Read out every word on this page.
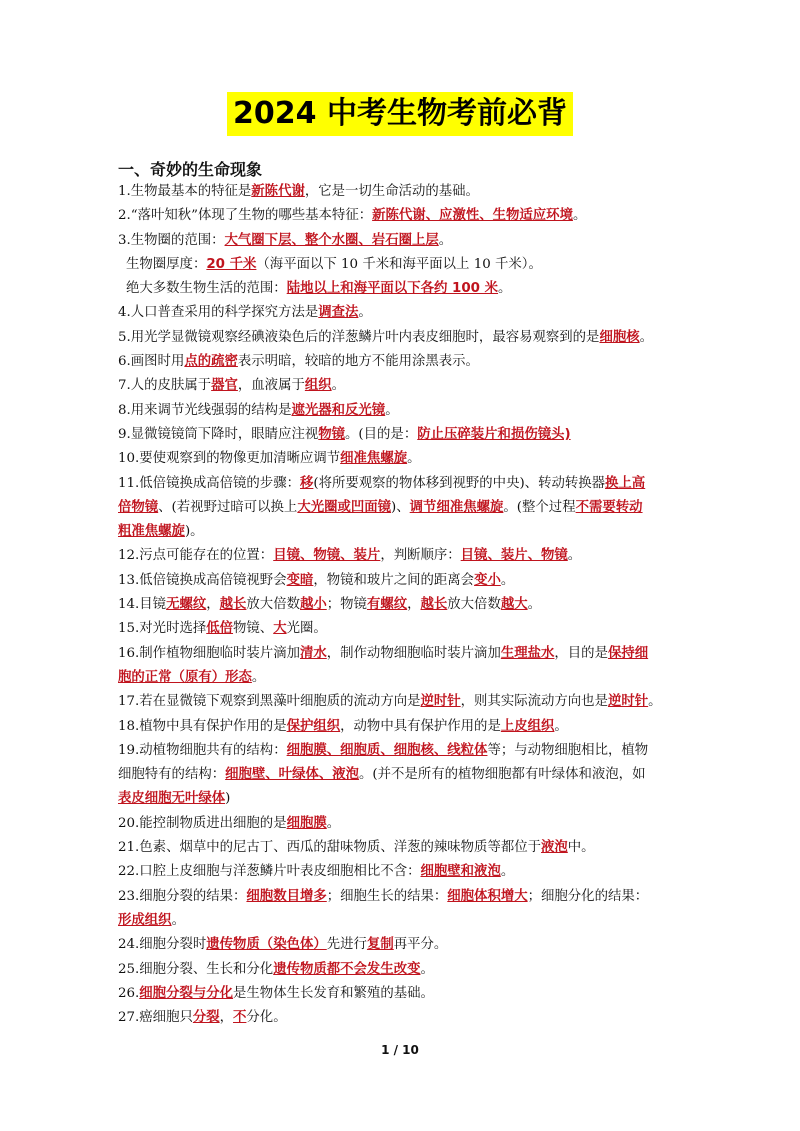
2024 中考生物考前必背
一、奇妙的生命现象
1.生物最基本的特征是新陈代谢，它是一切生命活动的基础。
2.“落叶知秋”体现了生物的哪些基本特征：新陈代谢、应激性、生物适应环境。
3.生物圈的范围：大气圈下层、整个水圈、岩石圈上层。
生物圈厚度：20 千米（海平面以下 10 千米和海平面以上 10 千米）。
绝大多数生物生活的范围：陆地以上和海平面以下各约 100 米。
4.人口普查采用的科学探究方法是调查法。
5.用光学显微镜观察经碘液染色后的洋葱鳞片叶内表皮细胞时，最容易观察到的是细胞核。
6.画图时用点的疏密表示明暗，较暗的地方不能用涂黑表示。
7.人的皮肤属于器官，血液属于组织。
8.用来调节光线强弱的结构是遮光器和反光镜。
9.显微镜镜筒下降时，眼睛应注视物镜。(目的是：防止压碎装片和损伤镜头)
10.要使观察到的物像更加清晰应调节细准焦螺旋。
11.低倍镜换成高倍镜的步骤：移(将所要观察的物体移到视野的中央)、转动转换器换上高
倍物镜、(若视野过暗可以换上大光圈或凹面镜)、调节细准焦螺旋。(整个过程不需要转动
粗准焦螺旋)。
12.污点可能存在的位置：目镜、物镜、装片，判断顺序：目镜、装片、物镜。
13.低倍镜换成高倍镜视野会变暗，物镜和玻片之间的距离会变小。
14.目镜无螺纹，越长放大倍数越小；物镜有螺纹，越长放大倍数越大。
15.对光时选择低倍物镜、大光圈。
16.制作植物细胞临时装片滴加清水，制作动物细胞临时装片滴加生理盐水，目的是保持细
胞的正常（原有）形态。
17.若在显微镜下观察到黑藻叶细胞质的流动方向是逆时针，则其实际流动方向也是逆时针。
18.植物中具有保护作用的是保护组织，动物中具有保护作用的是上皮组织。
19.动植物细胞共有的结构：细胞膜、细胞质、细胞核、线粒体等；与动物细胞相比，植物
细胞特有的结构：细胞壁、叶绿体、液泡。(并不是所有的植物细胞都有叶绿体和液泡，如
表皮细胞无叶绿体)
20.能控制物质进出细胞的是细胞膜。
21.色素、烟草中的尼古丁、西瓜的甜味物质、洋葱的辣味物质等都位于液泡中。
22.口腔上皮细胞与洋葱鳞片叶表皮细胞相比不含：细胞壁和液泡。
23.细胞分裂的结果：细胞数目增多；细胞生长的结果：细胞体积增大；细胞分化的结果：
形成组织。
24.细胞分裂时遗传物质（染色体）先进行复制再平分。
25.细胞分裂、生长和分化遗传物质都不会发生改变。
26.细胞分裂与分化是生物体生长发育和繁殖的基础。
27.癌细胞只分裂，不分化。
1 / 10
